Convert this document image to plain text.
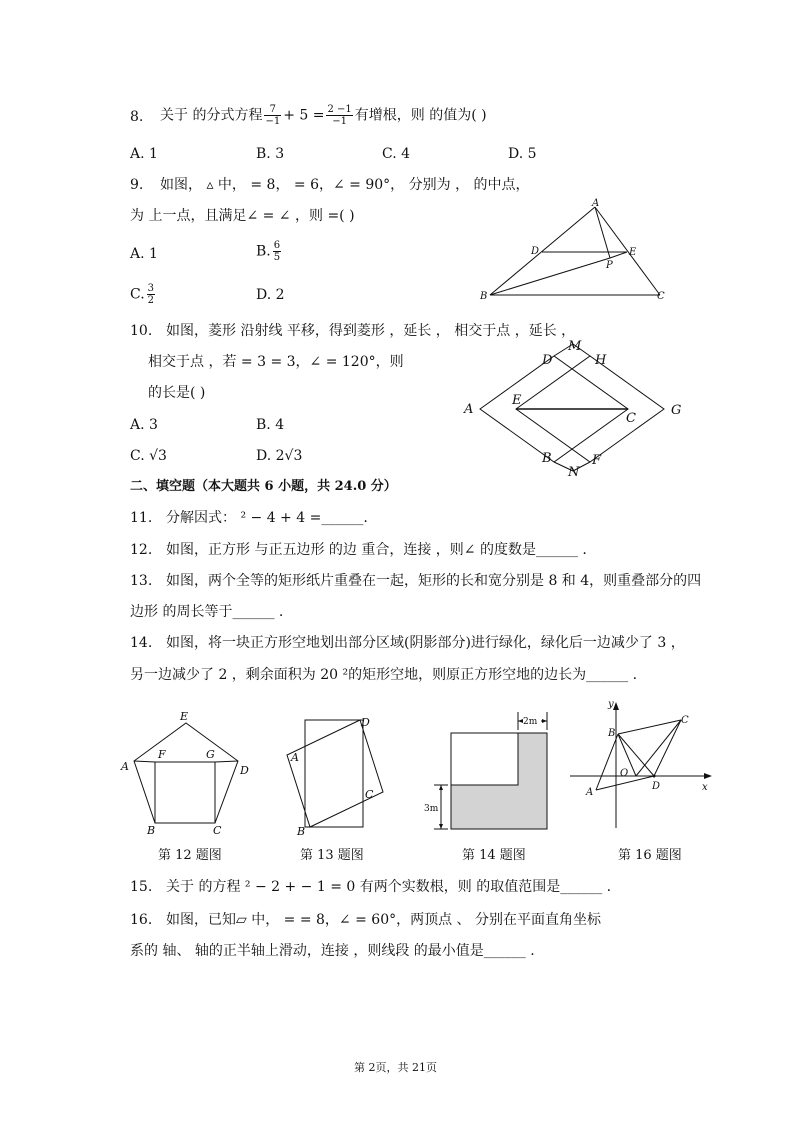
8. 关于 的分式方程 $\frac{7}{-1} + 5 = \frac{2 -1}{-1}$ 有增根，则 的值为( )
A. 1	B. 3	C. 4	D. 5
9. 如图， ▵ 中， = 8， = 6，∠ = 90°， 分别为 ， 的中点，
为 上一点，且满足∠ = ∠ ，则 =( )
A. 1	B. $\frac{6}{5}$
C. $\frac{3}{2}$	D. 2
A
B	C
D	E
P
10. 如图，菱形 沿射线 平移，得到菱形 ，延长 ， 相交于点 ，延长 ，
相交于点 ，若 = 3 = 3，∠ = 120°，则
的长是( )
A. 3	B. 4
C. √3	D. 2√3
A
B
C
D
E
F
G
H
M
N
二、填空题（本大题共 6 小题，共 24.0 分）
11. 分解因式： ² − 4 + 4 =______.
12. 如图，正方形 与正五边形 的边 重合，连接 ，则∠ 的度数是______ .
13. 如图，两个全等的矩形纸片重叠在一起，矩形的长和宽分别是 8 和 4，则重叠部分的四
边形 的周长等于______ .
14. 如图，将一块正方形空地划出部分区域(阴影部分)进行绿化，绿化后一边减少了 3 ，
另一边减少了 2 ，剩余面积为 20 ²的矩形空地，则原正方形空地的边长为______ .
E
A
F	G
D
B	C
第 12 题图
D
A
C
B
第 13 题图
2m
3m
第 14 题图
y
x
B
C
O
D
A
第 16 题图
15. 关于 的方程 ² − 2 + − 1 = 0 有两个实数根，则 的取值范围是______ .
16. 如图，已知▱ 中， = = 8，∠ = 60°，两顶点 、 分别在平面直角坐标
系的 轴、 轴的正半轴上滑动，连接 ，则线段 的最小值是______ .
第 2页，共 21页
